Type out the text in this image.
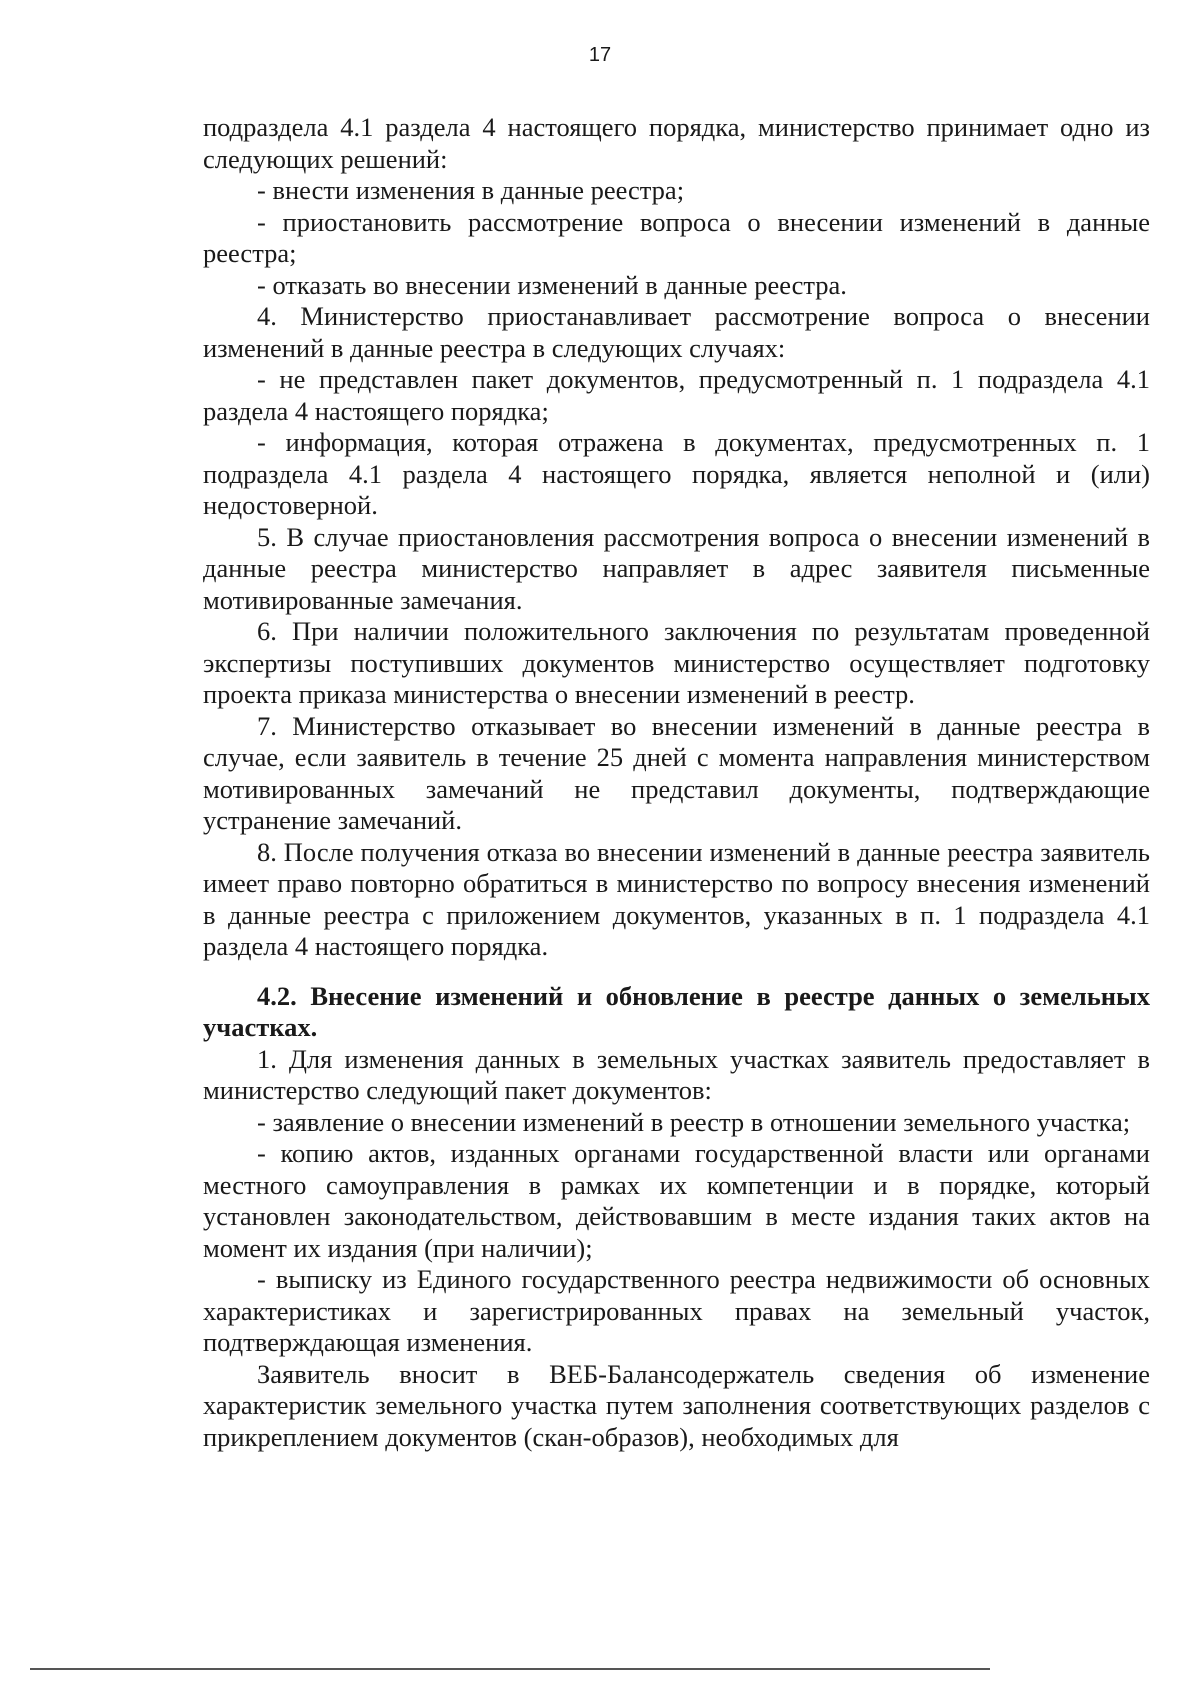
17

подраздела 4.1 раздела 4 настоящего порядка, министерство принимает одно из следующих решений:

- внести изменения в данные реестра;

- приостановить рассмотрение вопроса о внесении изменений в данные реестра;

- отказать во внесении изменений в данные реестра.

4. Министерство приостанавливает рассмотрение вопроса о внесении изменений в данные реестра в следующих случаях:

- не представлен пакет документов, предусмотренный п. 1 подраздела 4.1 раздела 4 настоящего порядка;

- информация, которая отражена в документах, предусмотренных п. 1 подраздела 4.1 раздела 4 настоящего порядка, является неполной и (или) недостоверной.

5. В случае приостановления рассмотрения вопроса о внесении изменений в данные реестра министерство направляет в адрес заявителя письменные мотивированные замечания.

6. При наличии положительного заключения по результатам проведенной экспертизы поступивших документов министерство осуществляет подготовку проекта приказа министерства о внесении изменений в реестр.

7. Министерство отказывает во внесении изменений в данные реестра в случае, если заявитель в течение 25 дней с момента направления министерством мотивированных замечаний не представил документы, подтверждающие устранение замечаний.

8. После получения отказа во внесении изменений в данные реестра заявитель имеет право повторно обратиться в министерство по вопросу внесения изменений в данные реестра с приложением документов, указанных в п. 1 подраздела 4.1 раздела 4 настоящего порядка.

4.2. Внесение изменений и обновление в реестре данных о земельных участках.

1. Для изменения данных в земельных участках заявитель предоставляет в министерство следующий пакет документов:

- заявление о внесении изменений в реестр в отношении земельного участка;

- копию актов, изданных органами государственной власти или органами местного самоуправления в рамках их компетенции и в порядке, который установлен законодательством, действовавшим в месте издания таких актов на момент их издания (при наличии);

- выписку из Единого государственного реестра недвижимости об основных характеристиках и зарегистрированных правах на земельный участок, подтверждающая изменения.

Заявитель вносит в ВЕБ-Балансодержатель сведения об изменение характеристик земельного участка путем заполнения соответствующих разделов с прикреплением документов (скан-образов), необходимых для
